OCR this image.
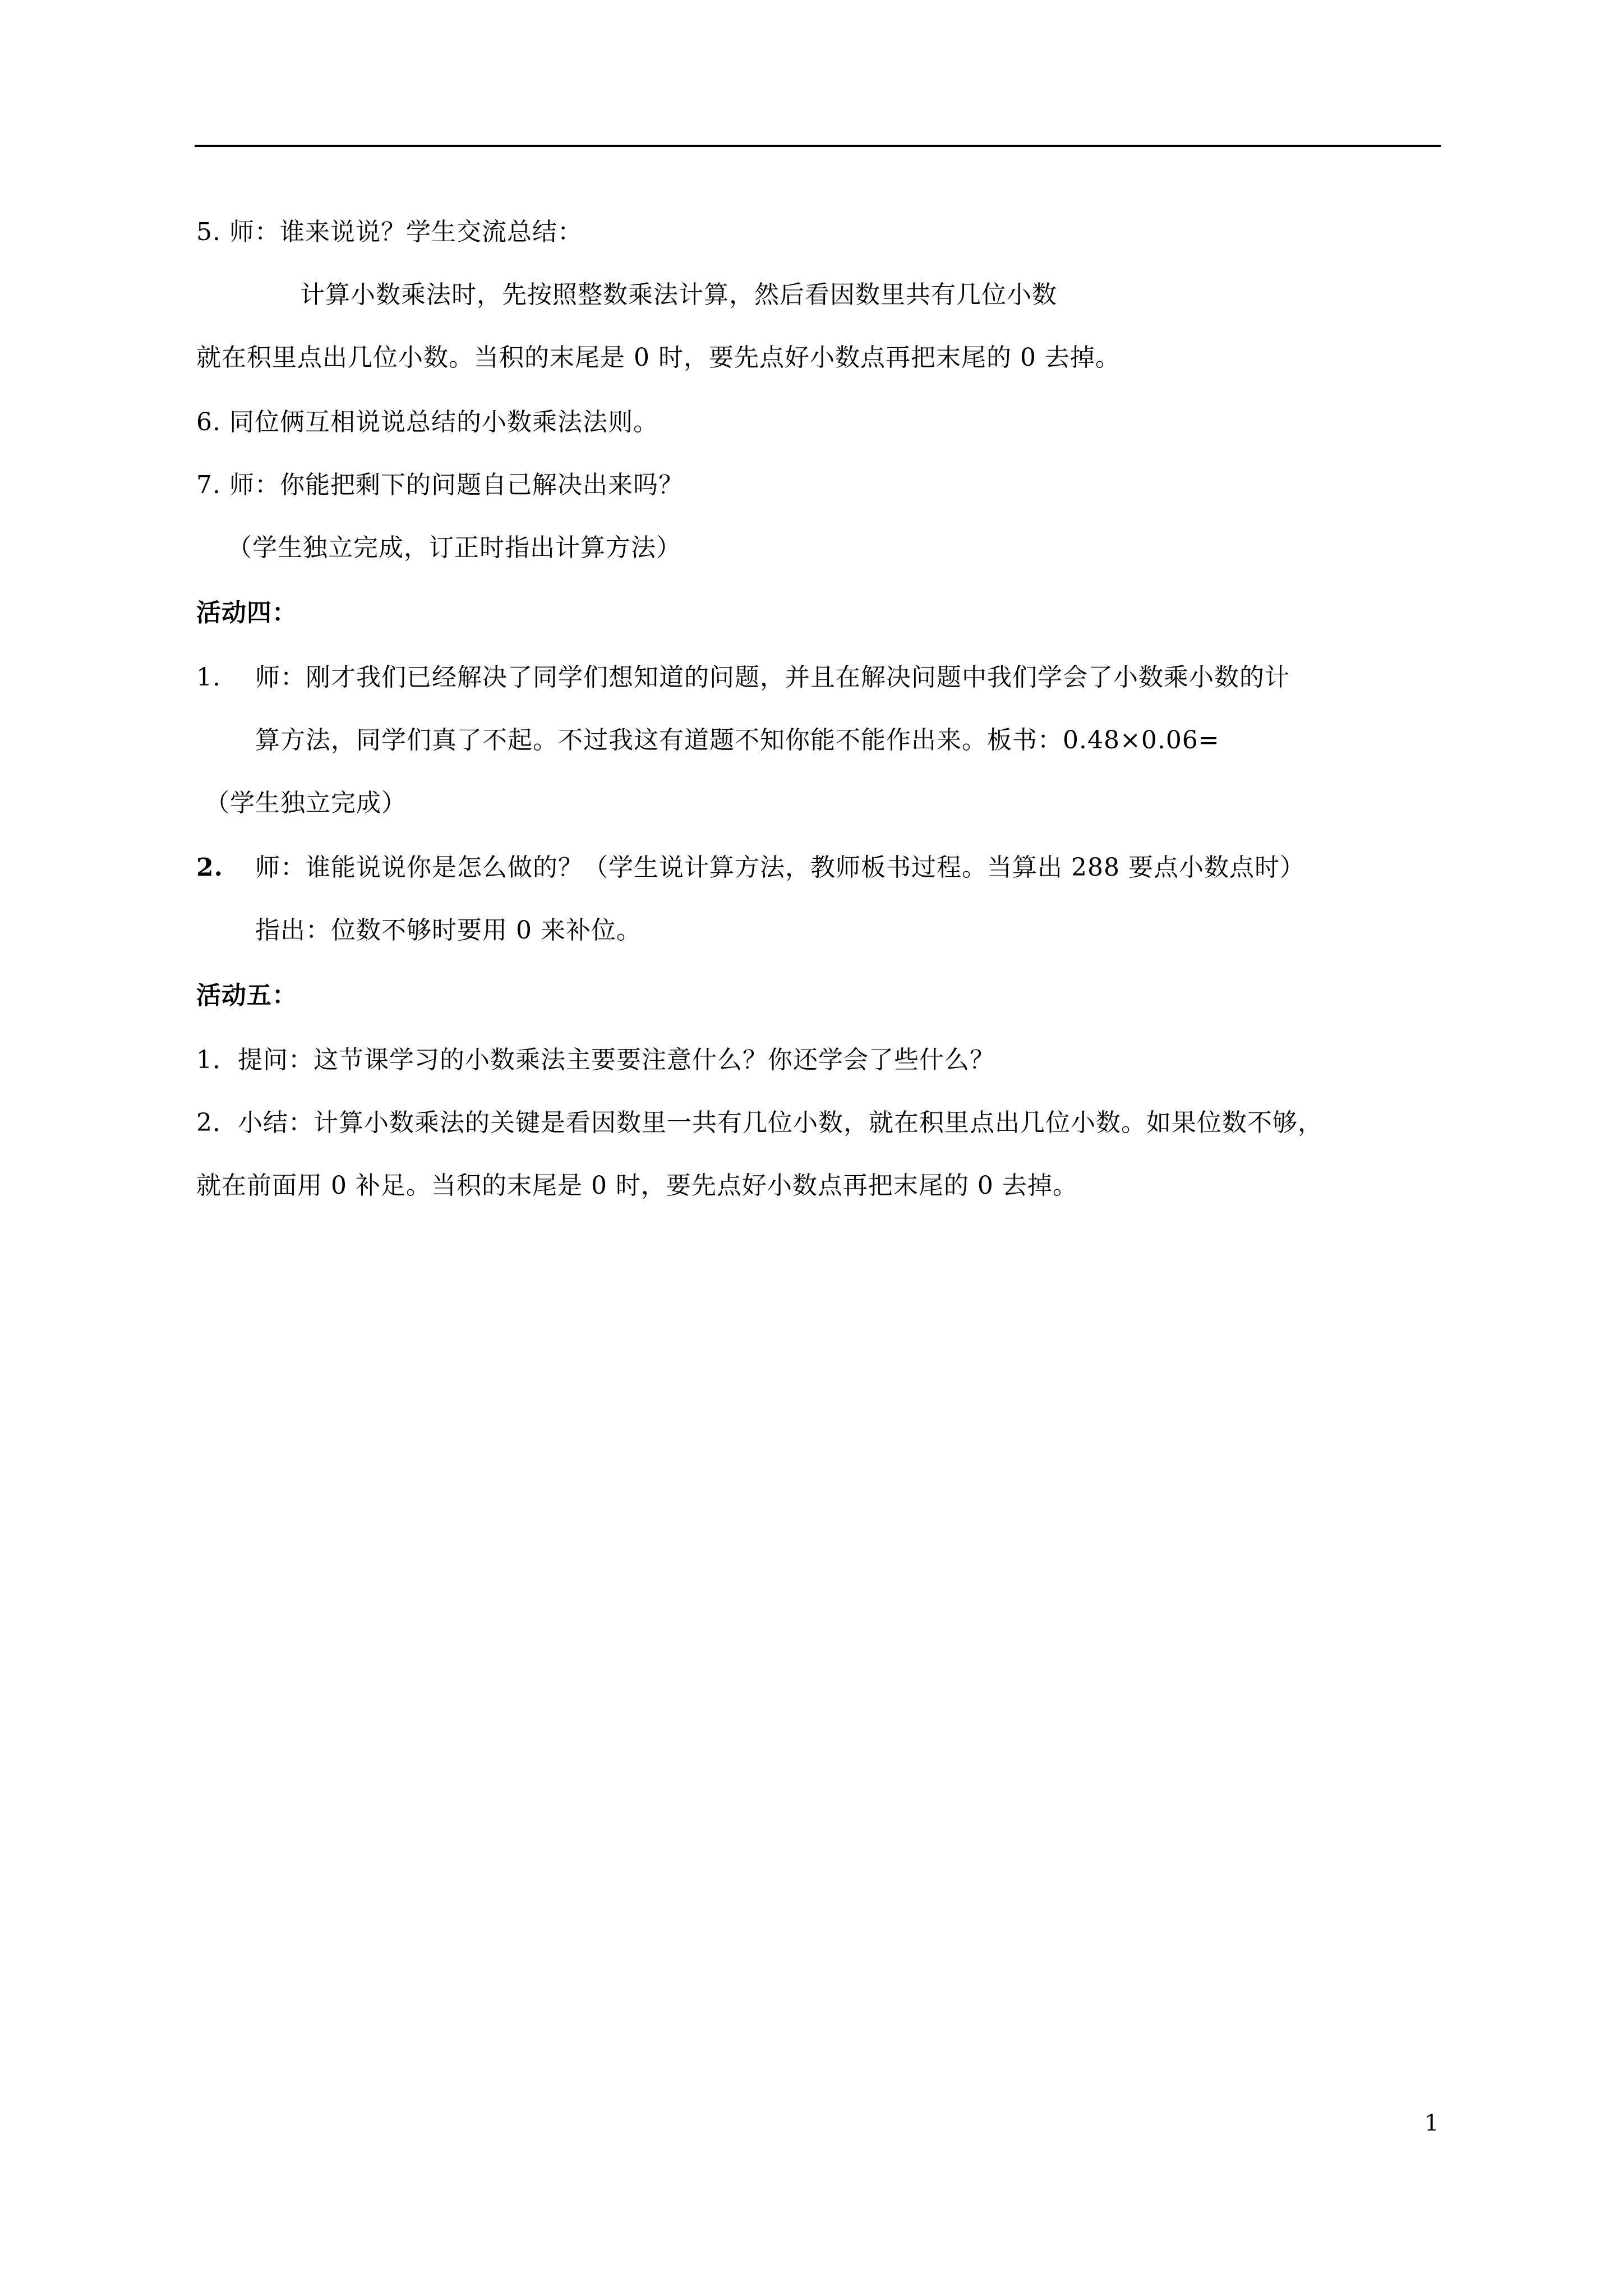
5. 师：谁来说说？学生交流总结：
计算小数乘法时，先按照整数乘法计算，然后看因数里共有几位小数
就在积里点出几位小数。当积的末尾是 0 时，要先点好小数点再把末尾的 0 去掉。
6. 同位俩互相说说总结的小数乘法法则。
7. 师：你能把剩下的问题自己解决出来吗？
（学生独立完成，订正时指出计算方法）
活动四：
1. 师：刚才我们已经解决了同学们想知道的问题，并且在解决问题中我们学会了小数乘小数的计
算方法，同学们真了不起。不过我这有道题不知你能不能作出来。板书：0.48×0.06=
（学生独立完成）
2. 师：谁能说说你是怎么做的？（学生说计算方法，教师板书过程。当算出 288 要点小数点时）
指出：位数不够时要用 0 来补位。
活动五：
1．提问：这节课学习的小数乘法主要要注意什么？你还学会了些什么？
2．小结：计算小数乘法的关键是看因数里一共有几位小数，就在积里点出几位小数。如果位数不够，
就在前面用 0 补足。当积的末尾是 0 时，要先点好小数点再把末尾的 0 去掉。
1
